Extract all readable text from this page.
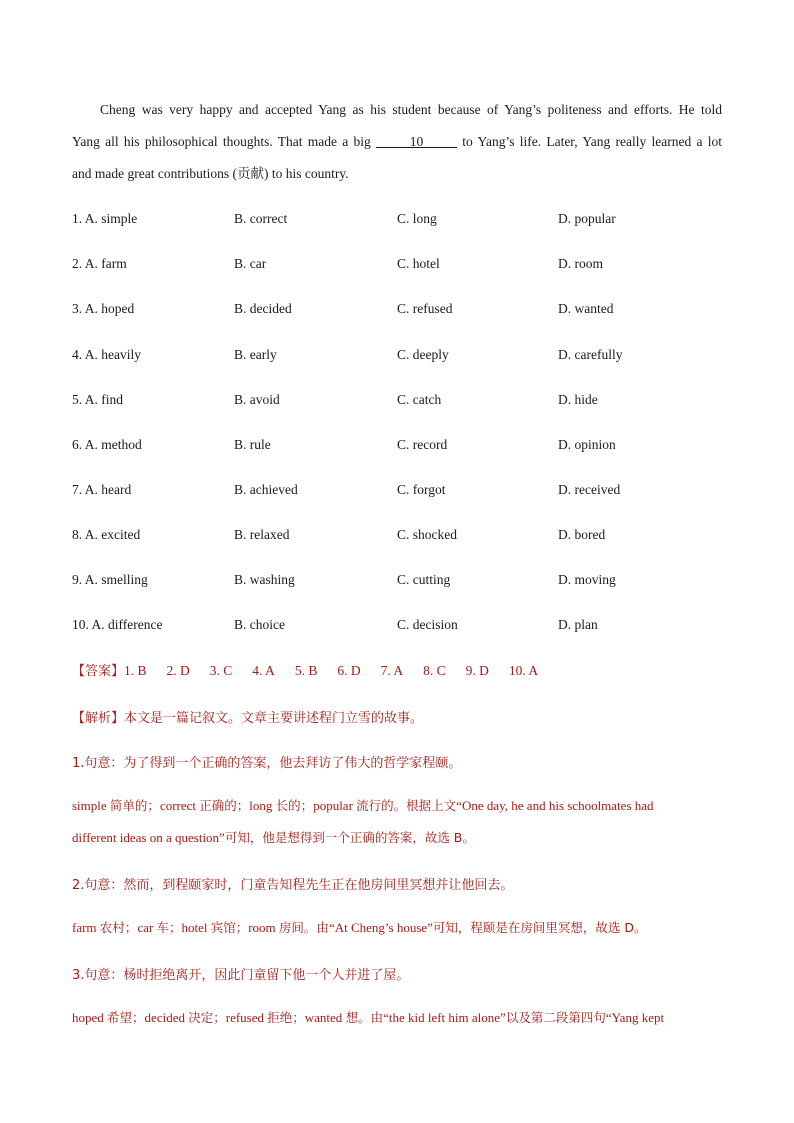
Cheng was very happy and accepted Yang as his student because of Yang’s politeness and efforts. He told
Yang all his philosophical thoughts. That made a big _____10_____ to Yang’s life. Later, Yang really learned a lot
and made great contributions (贡献) to his country.
1. A. simple	B. correct	C. long	D. popular
2. A. farm	B. car	C. hotel	D. room
3. A. hoped	B. decided	C. refused	D. wanted
4. A. heavily	B. early	C. deeply	D. carefully
5. A. find	B. avoid	C. catch	D. hide
6. A. method	B. rule	C. record	D. opinion
7. A. heard	B. achieved	C. forgot	D. received
8. A. excited	B. relaxed	C. shocked	D. bored
9. A. smelling	B. washing	C. cutting	D. moving
10. A. difference	B. choice	C. decision	D. plan
【答案】1. B 2. D 3. C 4. A 5. B 6. D 7. A 8. C 9. D 10. A
【解析】本文是一篇记叙文。文章主要讲述程门立雪的故事。
1.句意：为了得到一个正确的答案，他去拜访了伟大的哲学家程颐。
simple 简单的；correct 正确的；long 长的；popular 流行的。根据上文“One day, he and his schoolmates had
different ideas on a question”可知，他是想得到一个正确的答案，故选 B。
2.句意：然而，到程颐家时，门童告知程先生正在他房间里冥想并让他回去。
farm 农村；car 车；hotel 宾馆；room 房间。由“At Cheng’s house”可知，程颐是在房间里冥想，故选 D。
3.句意：杨时拒绝离开，因此门童留下他一个人并进了屋。
hoped 希望；decided 决定；refused 拒绝；wanted 想。由“the kid left him alone”以及第二段第四句“Yang kept
